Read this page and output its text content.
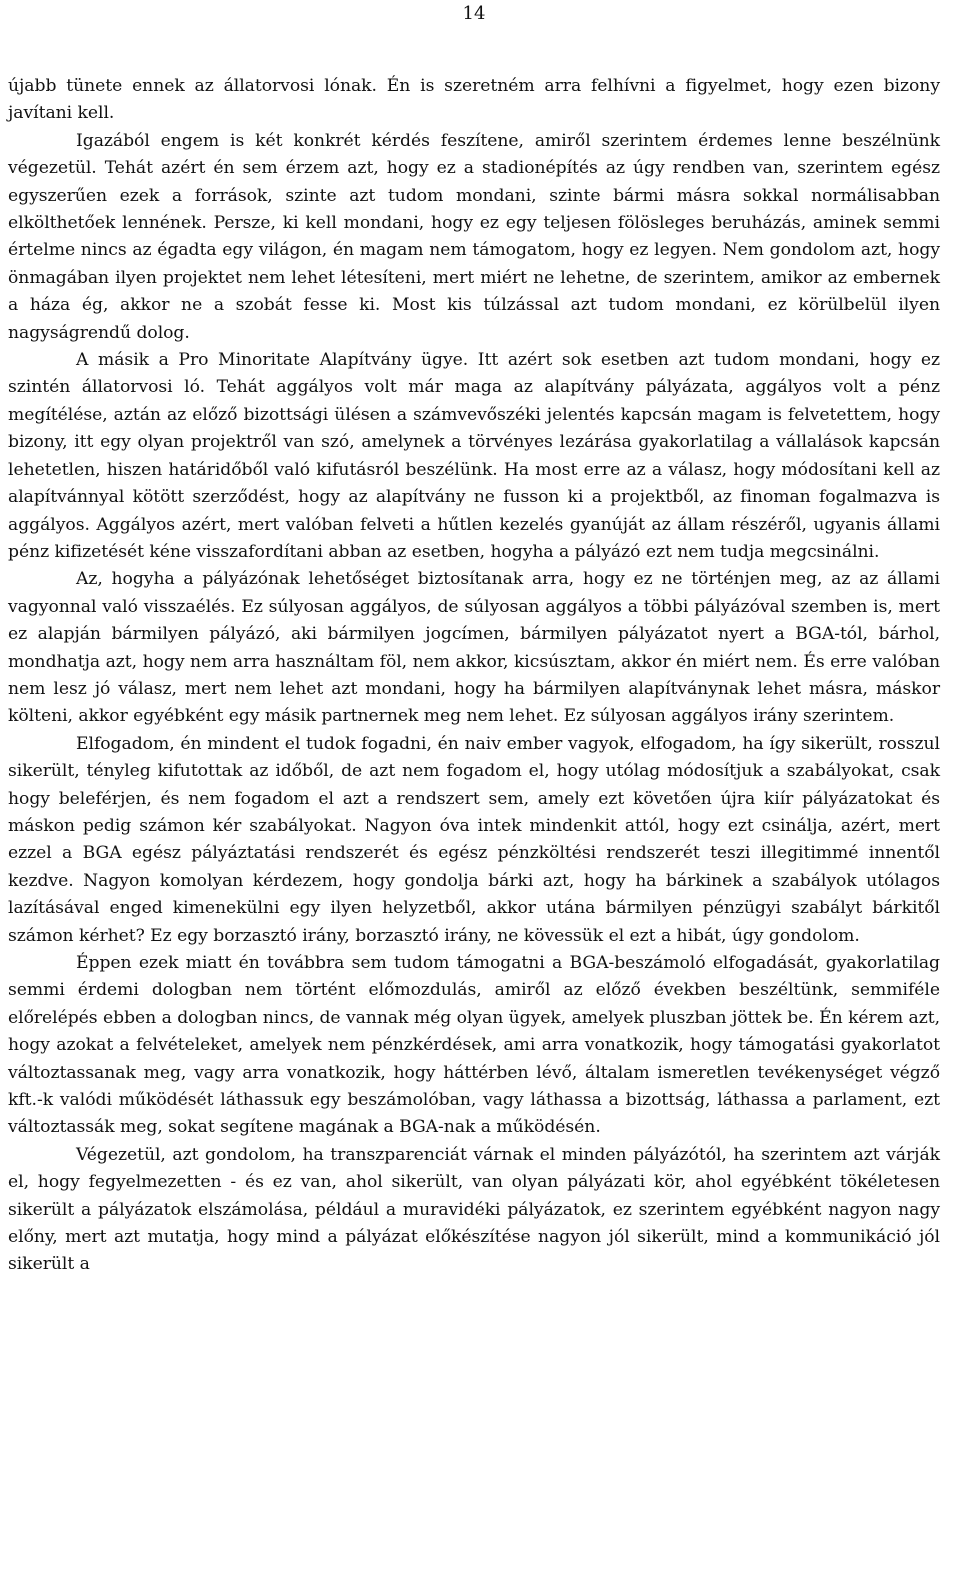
14

újabb tünete ennek az állatorvosi lónak. Én is szeretném arra felhívni a figyelmet, hogy ezen bizony javítani kell.

Igazából engem is két konkrét kérdés feszítene, amiről szerintem érdemes lenne beszélnünk végezetül. Tehát azért én sem érzem azt, hogy ez a stadionépítés az úgy rendben van, szerintem egész egyszerűen ezek a források, szinte azt tudom mondani, szinte bármi másra sokkal normálisabban elkölthetőek lennének. Persze, ki kell mondani, hogy ez egy teljesen fölösleges beruházás, aminek semmi értelme nincs az égadta egy világon, én magam nem támogatom, hogy ez legyen. Nem gondolom azt, hogy önmagában ilyen projektet nem lehet létesíteni, mert miért ne lehetne, de szerintem, amikor az embernek a háza ég, akkor ne a szobát fesse ki. Most kis túlzással azt tudom mondani, ez körülbelül ilyen nagyságrendű dolog.

A másik a Pro Minoritate Alapítvány ügye. Itt azért sok esetben azt tudom mondani, hogy ez szintén állatorvosi ló. Tehát aggályos volt már maga az alapítvány pályázata, aggályos volt a pénz megítélése, aztán az előző bizottsági ülésen a számvevőszéki jelentés kapcsán magam is felvetettem, hogy bizony, itt egy olyan projektről van szó, amelynek a törvényes lezárása gyakorlatilag a vállalások kapcsán lehetetlen, hiszen határidőből való kifutásról beszélünk. Ha most erre az a válasz, hogy módosítani kell az alapítvánnyal kötött szerződést, hogy az alapítvány ne fusson ki a projektből, az finoman fogalmazva is aggályos. Aggályos azért, mert valóban felveti a hűtlen kezelés gyanúját az állam részéről, ugyanis állami pénz kifizetését kéne visszafordítani abban az esetben, hogyha a pályázó ezt nem tudja megcsinálni.

Az, hogyha a pályázónak lehetőséget biztosítanak arra, hogy ez ne történjen meg, az az állami vagyonnal való visszaélés. Ez súlyosan aggályos, de súlyosan aggályos a többi pályázóval szemben is, mert ez alapján bármilyen pályázó, aki bármilyen jogcímen, bármilyen pályázatot nyert a BGA-tól, bárhol, mondhatja azt, hogy nem arra használtam föl, nem akkor, kicsúsztam, akkor én miért nem. És erre valóban nem lesz jó válasz, mert nem lehet azt mondani, hogy ha bármilyen alapítványnak lehet másra, máskor költeni, akkor egyébként egy másik partnernek meg nem lehet. Ez súlyosan aggályos irány szerintem.

Elfogadom, én mindent el tudok fogadni, én naiv ember vagyok, elfogadom, ha így sikerült, rosszul sikerült, tényleg kifutottak az időből, de azt nem fogadom el, hogy utólag módosítjuk a szabályokat, csak hogy beleférjen, és nem fogadom el azt a rendszert sem, amely ezt követően újra kiír pályázatokat és máskon pedig számon kér szabályokat. Nagyon óva intek mindenkit attól, hogy ezt csinálja, azért, mert ezzel a BGA egész pályáztatási rendszerét és egész pénzköltési rendszerét teszi illegitimmé innentől kezdve. Nagyon komolyan kérdezem, hogy gondolja bárki azt, hogy ha bárkinek a szabályok utólagos lazításával enged kimenekülni egy ilyen helyzetből, akkor utána bármilyen pénzügyi szabályt bárkitől számon kérhet? Ez egy borzasztó irány, borzasztó irány, ne kövessük el ezt a hibát, úgy gondolom.

Éppen ezek miatt én továbbra sem tudom támogatni a BGA-beszámoló elfogadását, gyakorlatilag semmi érdemi dologban nem történt előmozdulás, amiről az előző években beszéltünk, semmiféle előrelépés ebben a dologban nincs, de vannak még olyan ügyek, amelyek pluszban jöttek be. Én kérem azt, hogy azokat a felvételeket, amelyek nem pénzkérdések, ami arra vonatkozik, hogy támogatási gyakorlatot változtassanak meg, vagy arra vonatkozik, hogy háttérben lévő, általam ismeretlen tevékenységet végző kft.-k valódi működését láthassuk egy beszámolóban, vagy láthassa a bizottság, láthassa a parlament, ezt változtassák meg, sokat segítene magának a BGA-nak a működésén.

Végezetül, azt gondolom, ha transzparenciát várnak el minden pályázótól, ha szerintem azt várják el, hogy fegyelmezetten - és ez van, ahol sikerült, van olyan pályázati kör, ahol egyébként tökéletesen sikerült a pályázatok elszámolása, például a muravidéki pályázatok, ez szerintem egyébként nagyon nagy előny, mert azt mutatja, hogy mind a pályázat előkészítése nagyon jól sikerült, mind a kommunikáció jól sikerült a
